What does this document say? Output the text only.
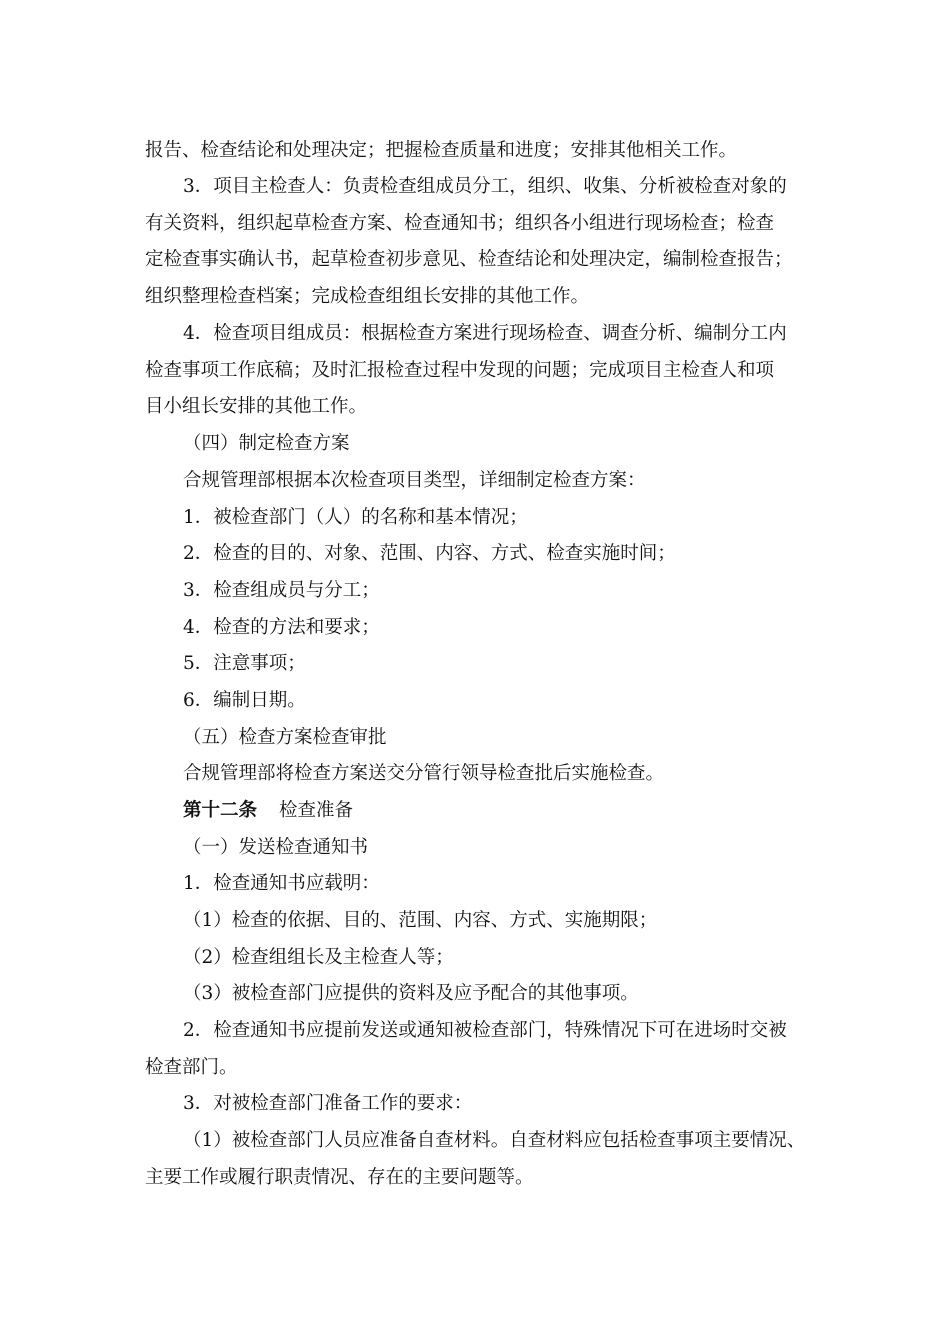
报告、检查结论和处理决定；把握检查质量和进度；安排其他相关工作。
3．项目主检查人：负责检查组成员分工，组织、收集、分析被检查对象的
有关资料，组织起草检查方案、检查通知书；组织各小组进行现场检查；检查
定检查事实确认书，起草检查初步意见、检查结论和处理决定，编制检查报告；
组织整理检查档案；完成检查组组长安排的其他工作。
4．检查项目组成员：根据检查方案进行现场检查、调查分析、编制分工内
检查事项工作底稿；及时汇报检查过程中发现的问题；完成项目主检查人和项
目小组长安排的其他工作。
（四）制定检查方案
合规管理部根据本次检查项目类型，详细制定检查方案：
1．被检查部门（人）的名称和基本情况；
2．检查的目的、对象、范围、内容、方式、检查实施时间；
3．检查组成员与分工；
4．检查的方法和要求；
5．注意事项；
6．编制日期。
（五）检查方案检查审批
合规管理部将检查方案送交分管行领导检查批后实施检查。
第十二条 检查准备
（一）发送检查通知书
1．检查通知书应载明：
（1）检查的依据、目的、范围、内容、方式、实施期限；
（2）检查组组长及主检查人等；
（3）被检查部门应提供的资料及应予配合的其他事项。
2．检查通知书应提前发送或通知被检查部门，特殊情况下可在进场时交被
检查部门。
3．对被检查部门准备工作的要求：
（1）被检查部门人员应准备自查材料。自查材料应包括检查事项主要情况、
主要工作或履行职责情况、存在的主要问题等。
